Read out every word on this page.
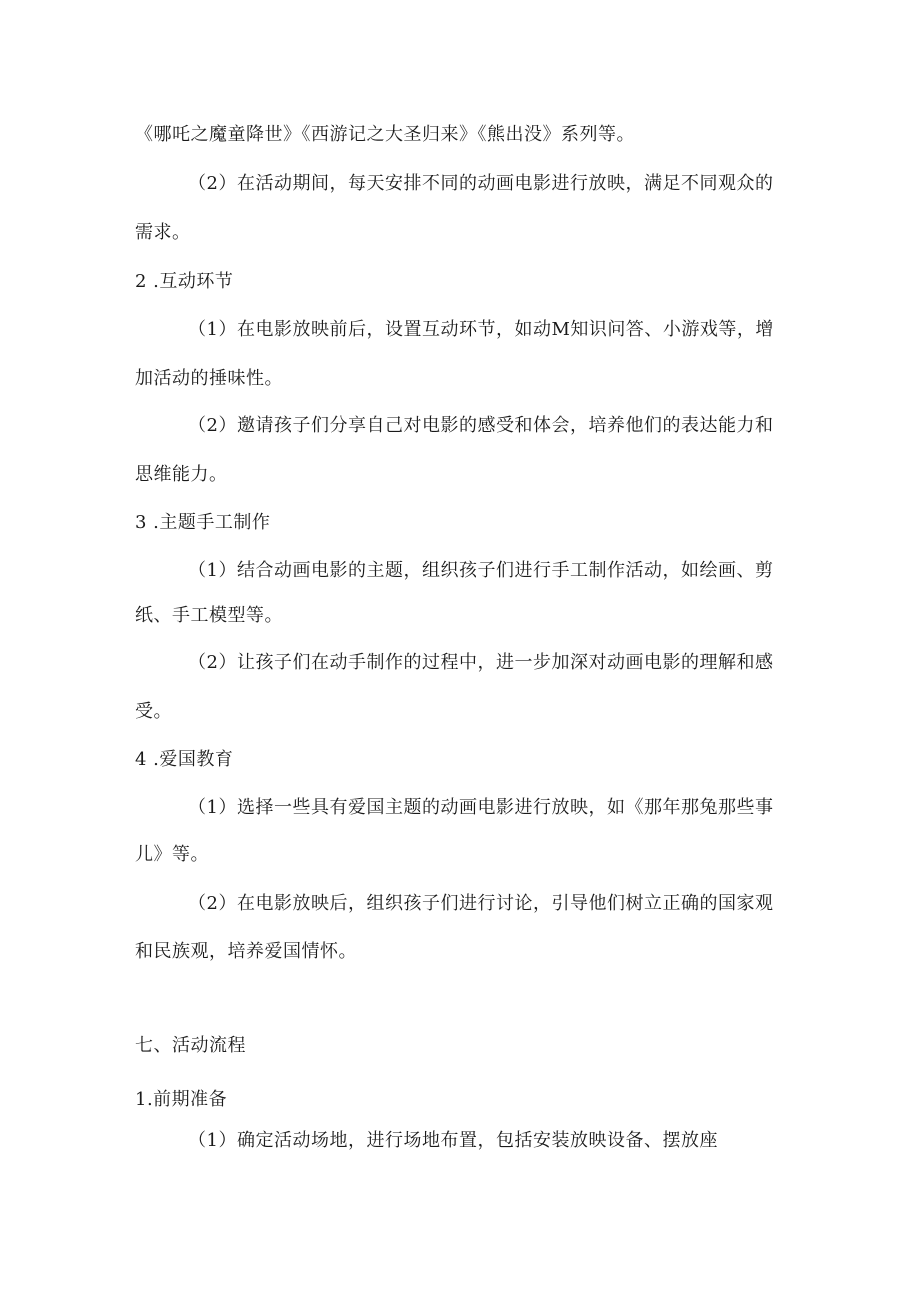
《哪吒之魔童降世》《西游记之大圣归来》《熊出没》系列等。
（2）在活动期间，每天安排不同的动画电影进行放映，满足不同观众的
需求。
2 .互动环节
（1）在电影放映前后，设置互动环节，如动M知识问答、小游戏等，增
加活动的捶味性。
（2）邀请孩子们分享自己对电影的感受和体会，培养他们的表达能力和
思维能力。
3 .主题手工制作
（1）结合动画电影的主题，组织孩子们进行手工制作活动，如绘画、剪
纸、手工模型等。
（2）让孩子们在动手制作的过程中，进一步加深对动画电影的理解和感
受。
4 .爱国教育
（1）选择一些具有爱国主题的动画电影进行放映，如《那年那兔那些事
儿》等。
（2）在电影放映后，组织孩子们进行讨论，引导他们树立正确的国家观
和民族观，培养爱国情怀。
七、活动流程
1.前期准备
（1）确定活动场地，进行场地布置，包括安装放映设备、摆放座
